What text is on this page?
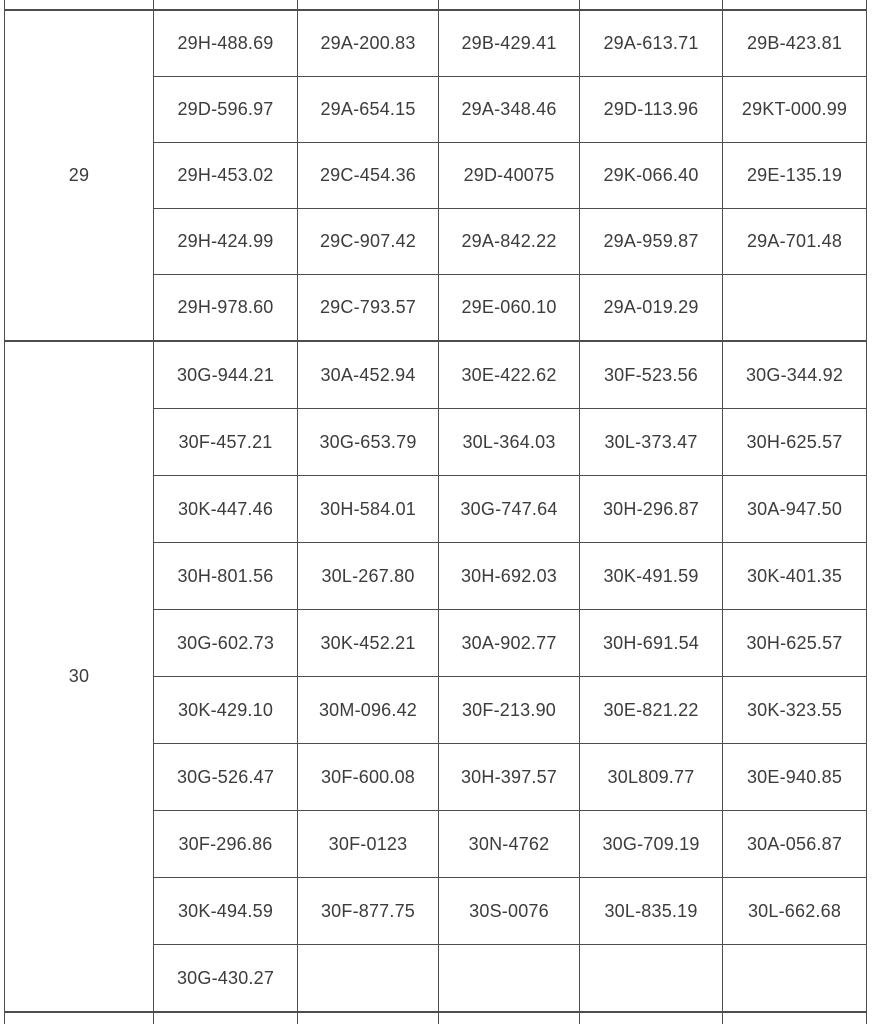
29	29H-488.69	29A-200.83	29B-429.41	29A-613.71	29B-423.81
	29D-596.97	29A-654.15	29A-348.46	29D-113.96	29KT-000.99
	29H-453.02	29C-454.36	29D-40075	29K-066.40	29E-135.19
	29H-424.99	29C-907.42	29A-842.22	29A-959.87	29A-701.48
	29H-978.60	29C-793.57	29E-060.10	29A-019.29	

30	30G-944.21	30A-452.94	30E-422.62	30F-523.56	30G-344.92
	30F-457.21	30G-653.79	30L-364.03	30L-373.47	30H-625.57
	30K-447.46	30H-584.01	30G-747.64	30H-296.87	30A-947.50
	30H-801.56	30L-267.80	30H-692.03	30K-491.59	30K-401.35
	30G-602.73	30K-452.21	30A-902.77	30H-691.54	30H-625.57
	30K-429.10	30M-096.42	30F-213.90	30E-821.22	30K-323.55
	30G-526.47	30F-600.08	30H-397.57	30L809.77	30E-940.85
	30F-296.86	30F-0123	30N-4762	30G-709.19	30A-056.87
	30K-494.59	30F-877.75	30S-0076	30L-835.19	30L-662.68
	30G-430.27				
